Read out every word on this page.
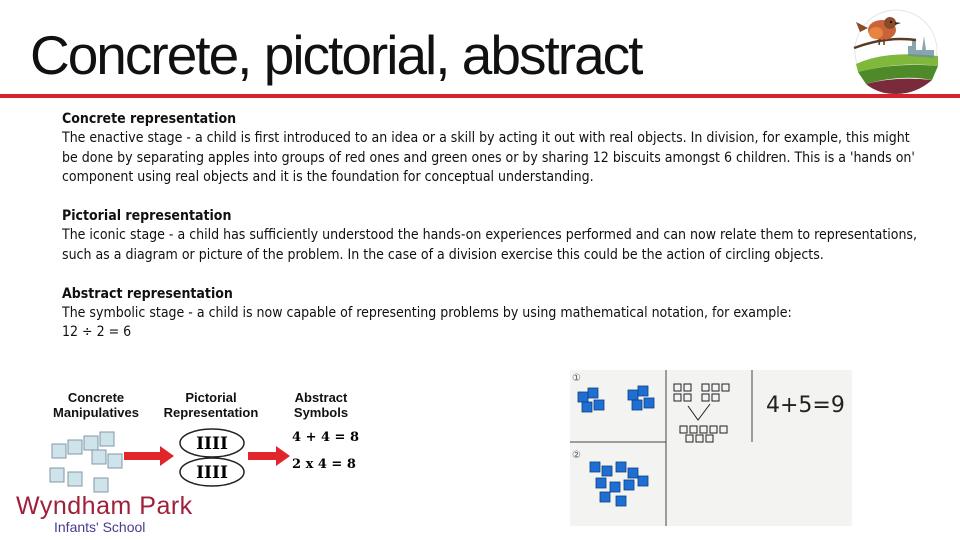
Concrete, pictorial, abstract
Concrete representation

The enactive stage - a child is first introduced to an idea or a skill by acting it out with real objects. In division, for example, this might be done by separating apples into groups of red ones and green ones or by sharing 12 biscuits amongst 6 children. This is a 'hands on' component using real objects and it is the foundation for conceptual understanding.

Pictorial representation

The iconic stage - a child has sufficiently understood the hands-on experiences performed and can now relate them to representations, such as a diagram or picture of the problem. In the case of a division exercise this could be the action of circling objects.

Abstract representation

The symbolic stage - a child is now capable of representing problems by using mathematical notation, for example:

12 ÷ 2 = 6
Concrete
Manipulatives
Pictorial
Representation
Abstract
Symbols
IIII
IIII
4 + 4 = 8
2 x 4 = 8
Wyndham Park
Infants' School
①
②
4+5=9
